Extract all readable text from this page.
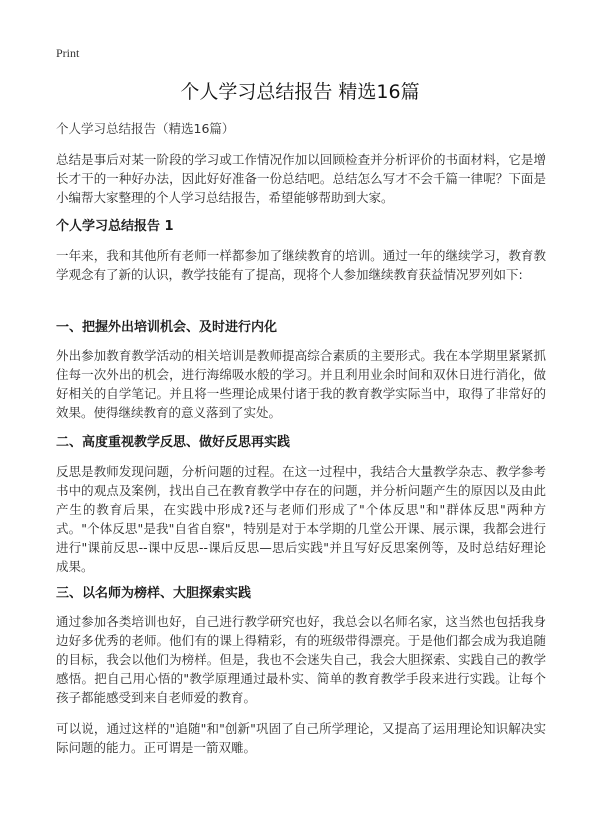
Print
个人学习总结报告 精选16篇
个人学习总结报告（精选16篇）

总结是事后对某一阶段的学习或工作情况作加以回顾检查并分析评价的书面材料，它是增长才干的一种好办法，因此好好准备一份总结吧。总结怎么写才不会千篇一律呢？下面是小编帮大家整理的个人学习总结报告，希望能够帮助到大家。

个人学习总结报告 1

一年来，我和其他所有老师一样都参加了继续教育的培训。通过一年的继续学习，教育教学观念有了新的认识，教学技能有了提高，现将个人参加继续教育获益情况罗列如下:

一、把握外出培训机会、及时进行内化

外出参加教育教学活动的相关培训是教师提高综合素质的主要形式。我在本学期里紧紧抓住每一次外出的机会，进行海绵吸水般的学习。并且利用业余时间和双休日进行消化，做好相关的自学笔记。并且将一些理论成果付诸于我的教育教学实际当中，取得了非常好的效果。使得继续教育的意义落到了实处。

二、高度重视教学反思、做好反思再实践

反思是教师发现问题，分析问题的过程。在这一过程中，我结合大量教学杂志、教学参考书中的观点及案例，找出自己在教育教学中存在的问题，并分析问题产生的原因以及由此产生的教育后果，在实践中形成?还与老师们形成了"个体反思"和"群体反思"两种方式。"个体反思"是我"自省自察"，特别是对于本学期的几堂公开课、展示课，我都会进行进行"课前反思--课中反思--课后反思—思后实践"并且写好反思案例等，及时总结好理论成果。

三、以名师为榜样、大胆探索实践

通过参加各类培训也好，自己进行教学研究也好，我总会以名师名家，这当然也包括我身边好多优秀的老师。他们有的课上得精彩，有的班级带得漂亮。于是他们都会成为我追随的目标，我会以他们为榜样。但是，我也不会迷失自己，我会大胆探索、实践自己的教学感悟。把自己用心悟的"教学原理通过最朴实、简单的教育教学手段来进行实践。让每个孩子都能感受到来自老师爱的教育。

可以说，通过这样的"追随"和"创新"巩固了自己所学理论，又提高了运用理论知识解决实际问题的能力。正可谓是一箭双雕。
